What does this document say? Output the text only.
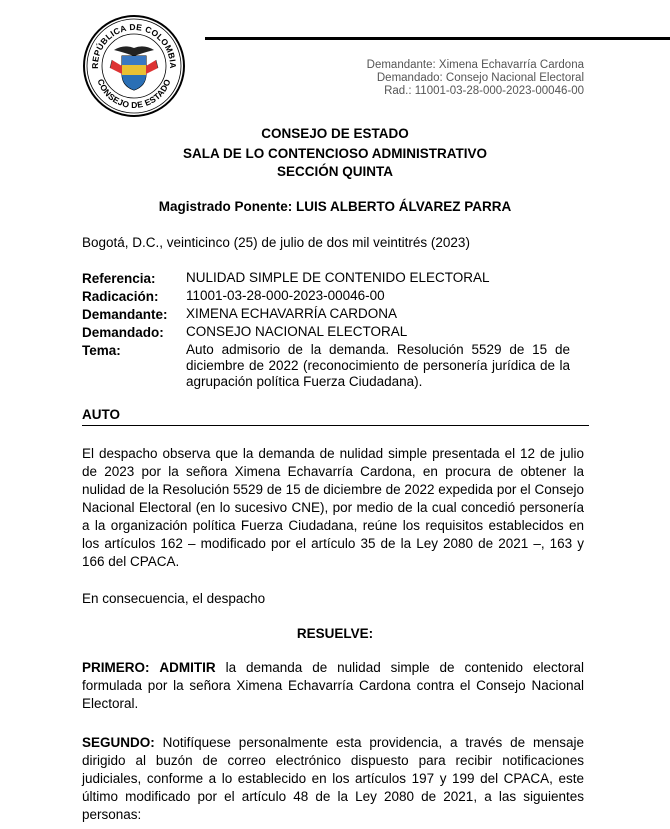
REPÚBLICA DE COLOMBIA
CONSEJO DE ESTADO
Demandante: Ximena Echavarría Cardona
Demandado: Consejo Nacional Electoral
Rad.: 11001-03-28-000-2023-00046-00
CONSEJO DE ESTADO
SALA DE LO CONTENCIOSO ADMINISTRATIVO
SECCIÓN QUINTA
Magistrado Ponente: LUIS ALBERTO ÁLVAREZ PARRA
Bogotá, D.C., veinticinco (25) de julio de dos mil veintitrés (2023)
Referencia:	NULIDAD SIMPLE DE CONTENIDO ELECTORAL
Radicación:	11001-03-28-000-2023-00046-00
Demandante:	XIMENA ECHAVARRÍA CARDONA
Demandado:	CONSEJO NACIONAL ELECTORAL
Tema:	Auto admisorio de la demanda. Resolución 5529 de 15 de diciembre de 2022 (reconocimiento de personería jurídica de la agrupación política Fuerza Ciudadana).
AUTO
El despacho observa que la demanda de nulidad simple presentada el 12 de julio de 2023 por la señora Ximena Echavarría Cardona, en procura de obtener la nulidad de la Resolución 5529 de 15 de diciembre de 2022 expedida por el Consejo Nacional Electoral (en lo sucesivo CNE), por medio de la cual concedió personería a la organización política Fuerza Ciudadana, reúne los requisitos establecidos en los artículos 162 – modificado por el artículo 35 de la Ley 2080 de 2021 –, 163 y 166 del CPACA.
En consecuencia, el despacho
RESUELVE:
PRIMERO: ADMITIR la demanda de nulidad simple de contenido electoral formulada por la señora Ximena Echavarría Cardona contra el Consejo Nacional Electoral.
SEGUNDO: Notifíquese personalmente esta providencia, a través de mensaje dirigido al buzón de correo electrónico dispuesto para recibir notificaciones judiciales, conforme a lo establecido en los artículos 197 y 199 del CPACA, este último modificado por el artículo 48 de la Ley 2080 de 2021, a las siguientes personas:
